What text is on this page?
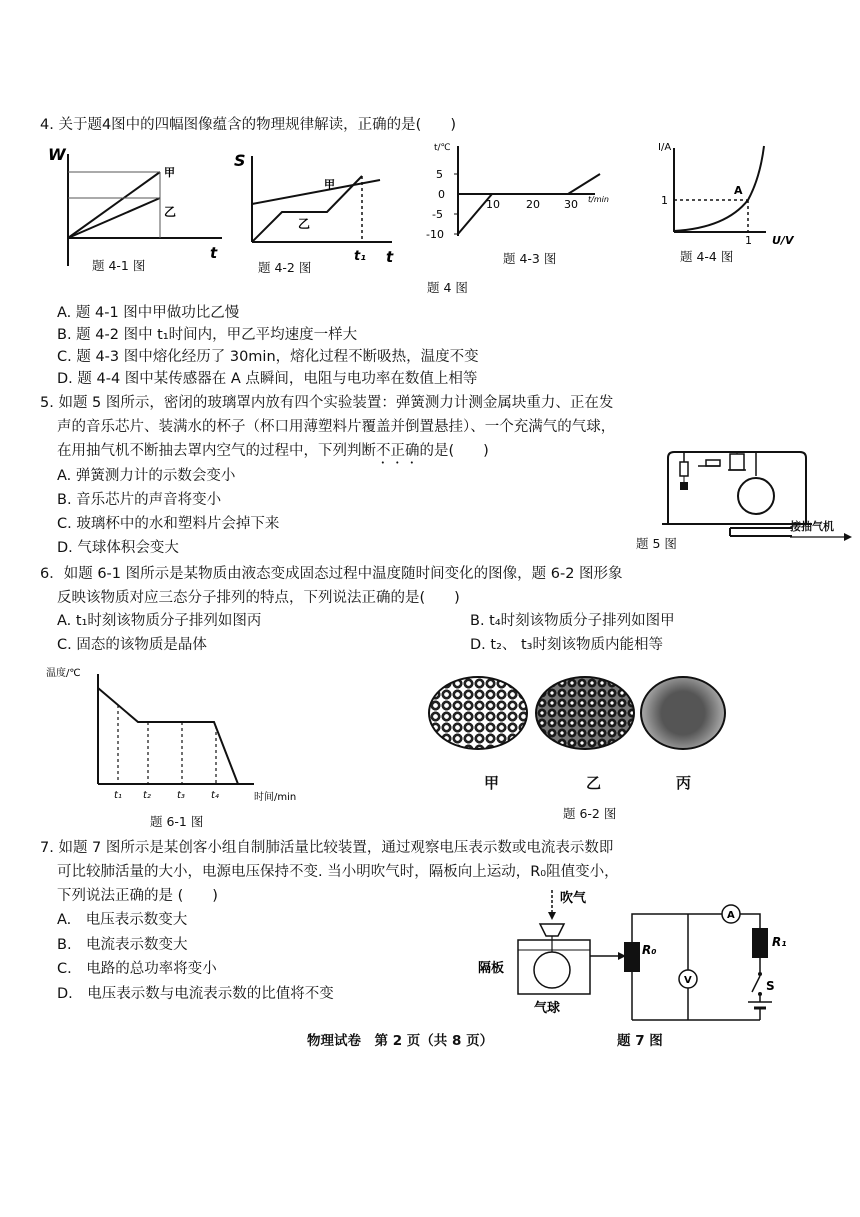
4. 关于题4图中的四幅图像蕴含的物理规律解读，正确的是(　　)
W
t
甲
乙
题 4-1 图
S
t
t₁
甲
乙
题 4-2 图
t/℃
t/min
5
0
-5
-10
10 20 30
题 4-3 图
I/A
U/V
A
1
1
题 4-4 图
题 4 图
A. 题 4-1 图中甲做功比乙慢
B. 题 4-2 图中 t₁时间内，甲乙平均速度一样大
C. 题 4-3 图中熔化经历了 30min，熔化过程不断吸热，温度不变
D. 题 4-4 图中某传感器在 A 点瞬间，电阻与电功率在数值上相等
5. 如题 5 图所示，密闭的玻璃罩内放有四个实验装置：弹簧测力计测金属块重力、正在发
声的音乐芯片、装满水的杯子（杯口用薄塑料片覆盖并倒置悬挂）、一个充满气的气球，
在用抽气机不断抽去罩内空气的过程中，下列判断不正确的是(　　)
A. 弹簧测力计的示数会变小
B. 音乐芯片的声音将变小
C. 玻璃杯中的水和塑料片会掉下来
D. 气球体积会变大
接抽气机
题 5 图
6．如题 6-1 图所示是某物质由液态变成固态过程中温度随时间变化的图像，题 6-2 图形象
反映该物质对应三态分子排列的特点，下列说法正确的是(　　)
A. t₁时刻该物质分子排列如图丙	B. t₄时刻该物质分子排列如图甲
C. 固态的该物质是晶体	D. t₂、 t₃时刻该物质内能相等
温度/℃
时间/min
t₁ t₂	t₃	t₄
题 6-1 图
甲	乙	丙
题 6-2 图
7. 如题 7 图所示是某创客小组自制肺活量比较装置，通过观察电压表示数或电流表示数即
可比较肺活量的大小，电源电压保持不变. 当小明吹气时，隔板向上运动，R₀阻值变小，
下列说法正确的是 (　　)
A.　电压表示数变大
B.　电流表示数变大
C.　电路的总功率将变小
D.　电压表示数与电流表示数的比值将不变
吹气
隔板
气球
R₀
R₁
S
A
V
物理试卷　第 2 页（共 8 页）	题 7 图
